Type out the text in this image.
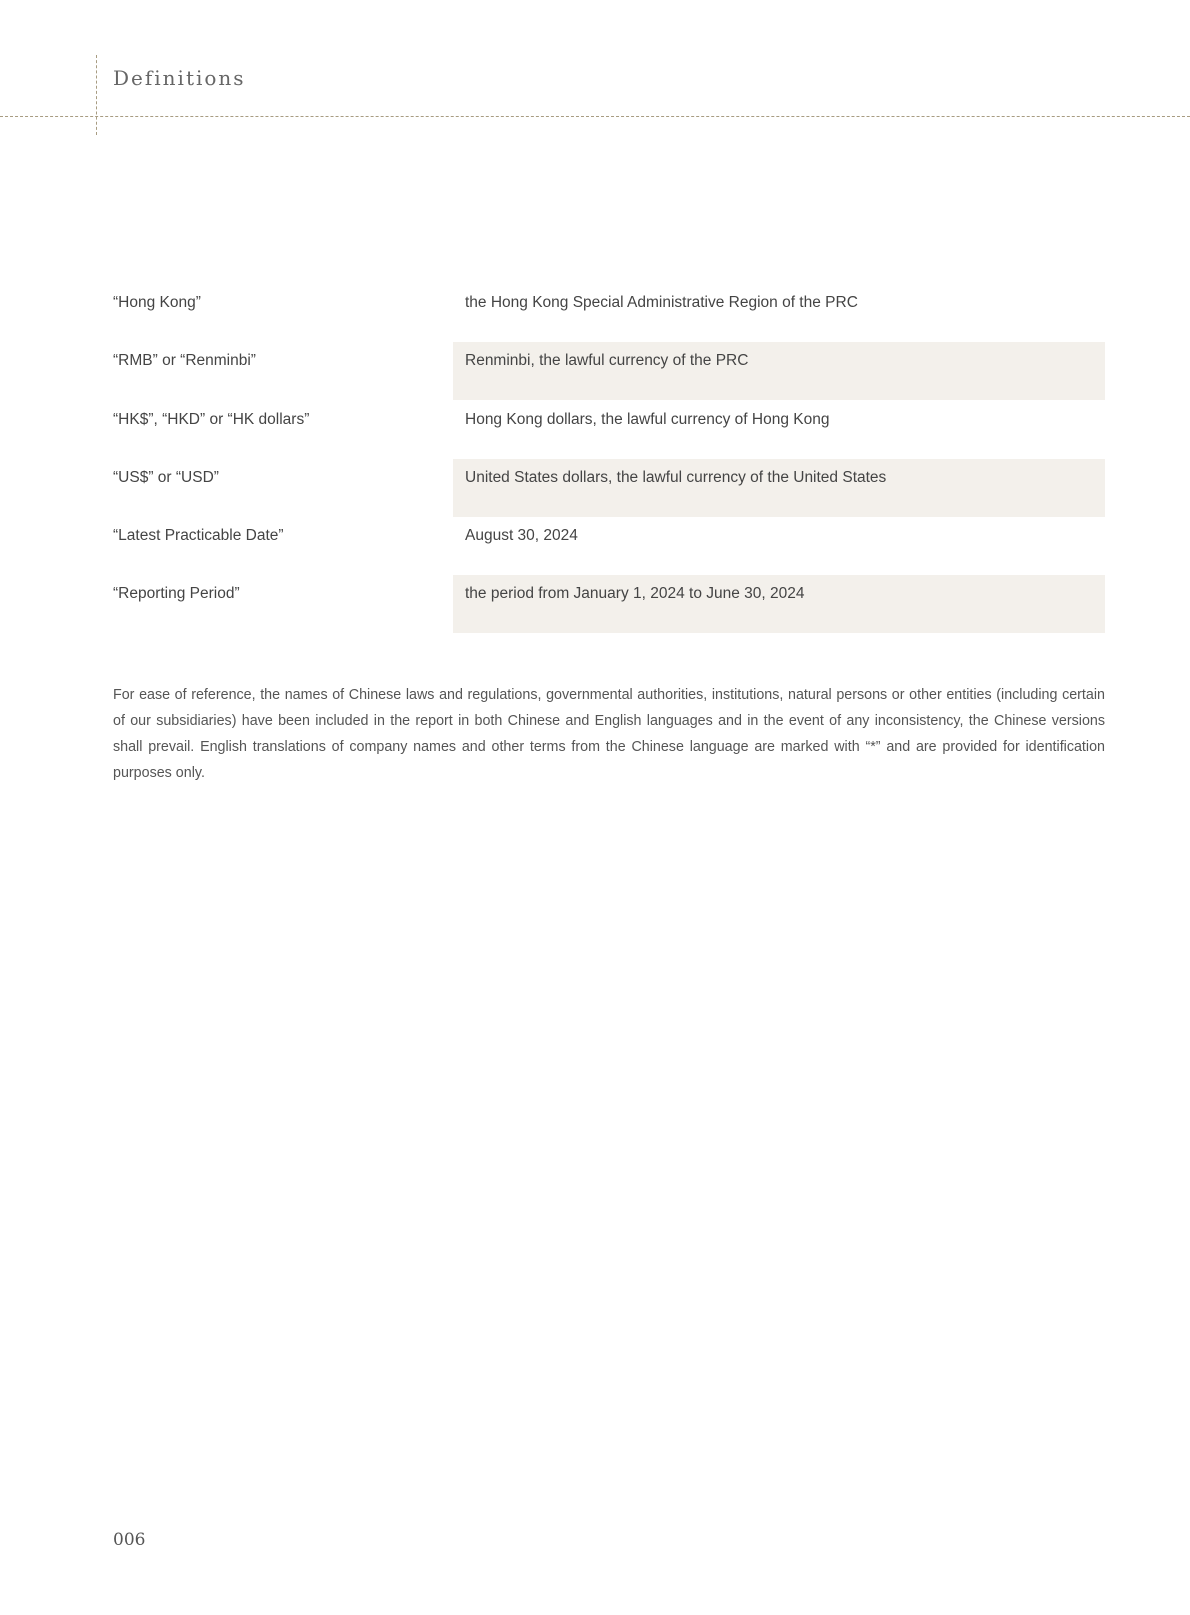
Definitions
“Hong Kong”	the Hong Kong Special Administrative Region of the PRC
“RMB” or “Renminbi”	Renminbi, the lawful currency of the PRC
“HK$”, “HKD” or “HK dollars”	Hong Kong dollars, the lawful currency of Hong Kong
“US$” or “USD”	United States dollars, the lawful currency of the United States
“Latest Practicable Date”	August 30, 2024
“Reporting Period”	the period from January 1, 2024 to June 30, 2024

For ease of reference, the names of Chinese laws and regulations, governmental authorities, institutions, natural persons or other entities (including certain of our subsidiaries) have been included in the report in both Chinese and English languages and in the event of any inconsistency, the Chinese versions shall prevail. English translations of company names and other terms from the Chinese language are marked with “*” and are provided for identification purposes only.

006
